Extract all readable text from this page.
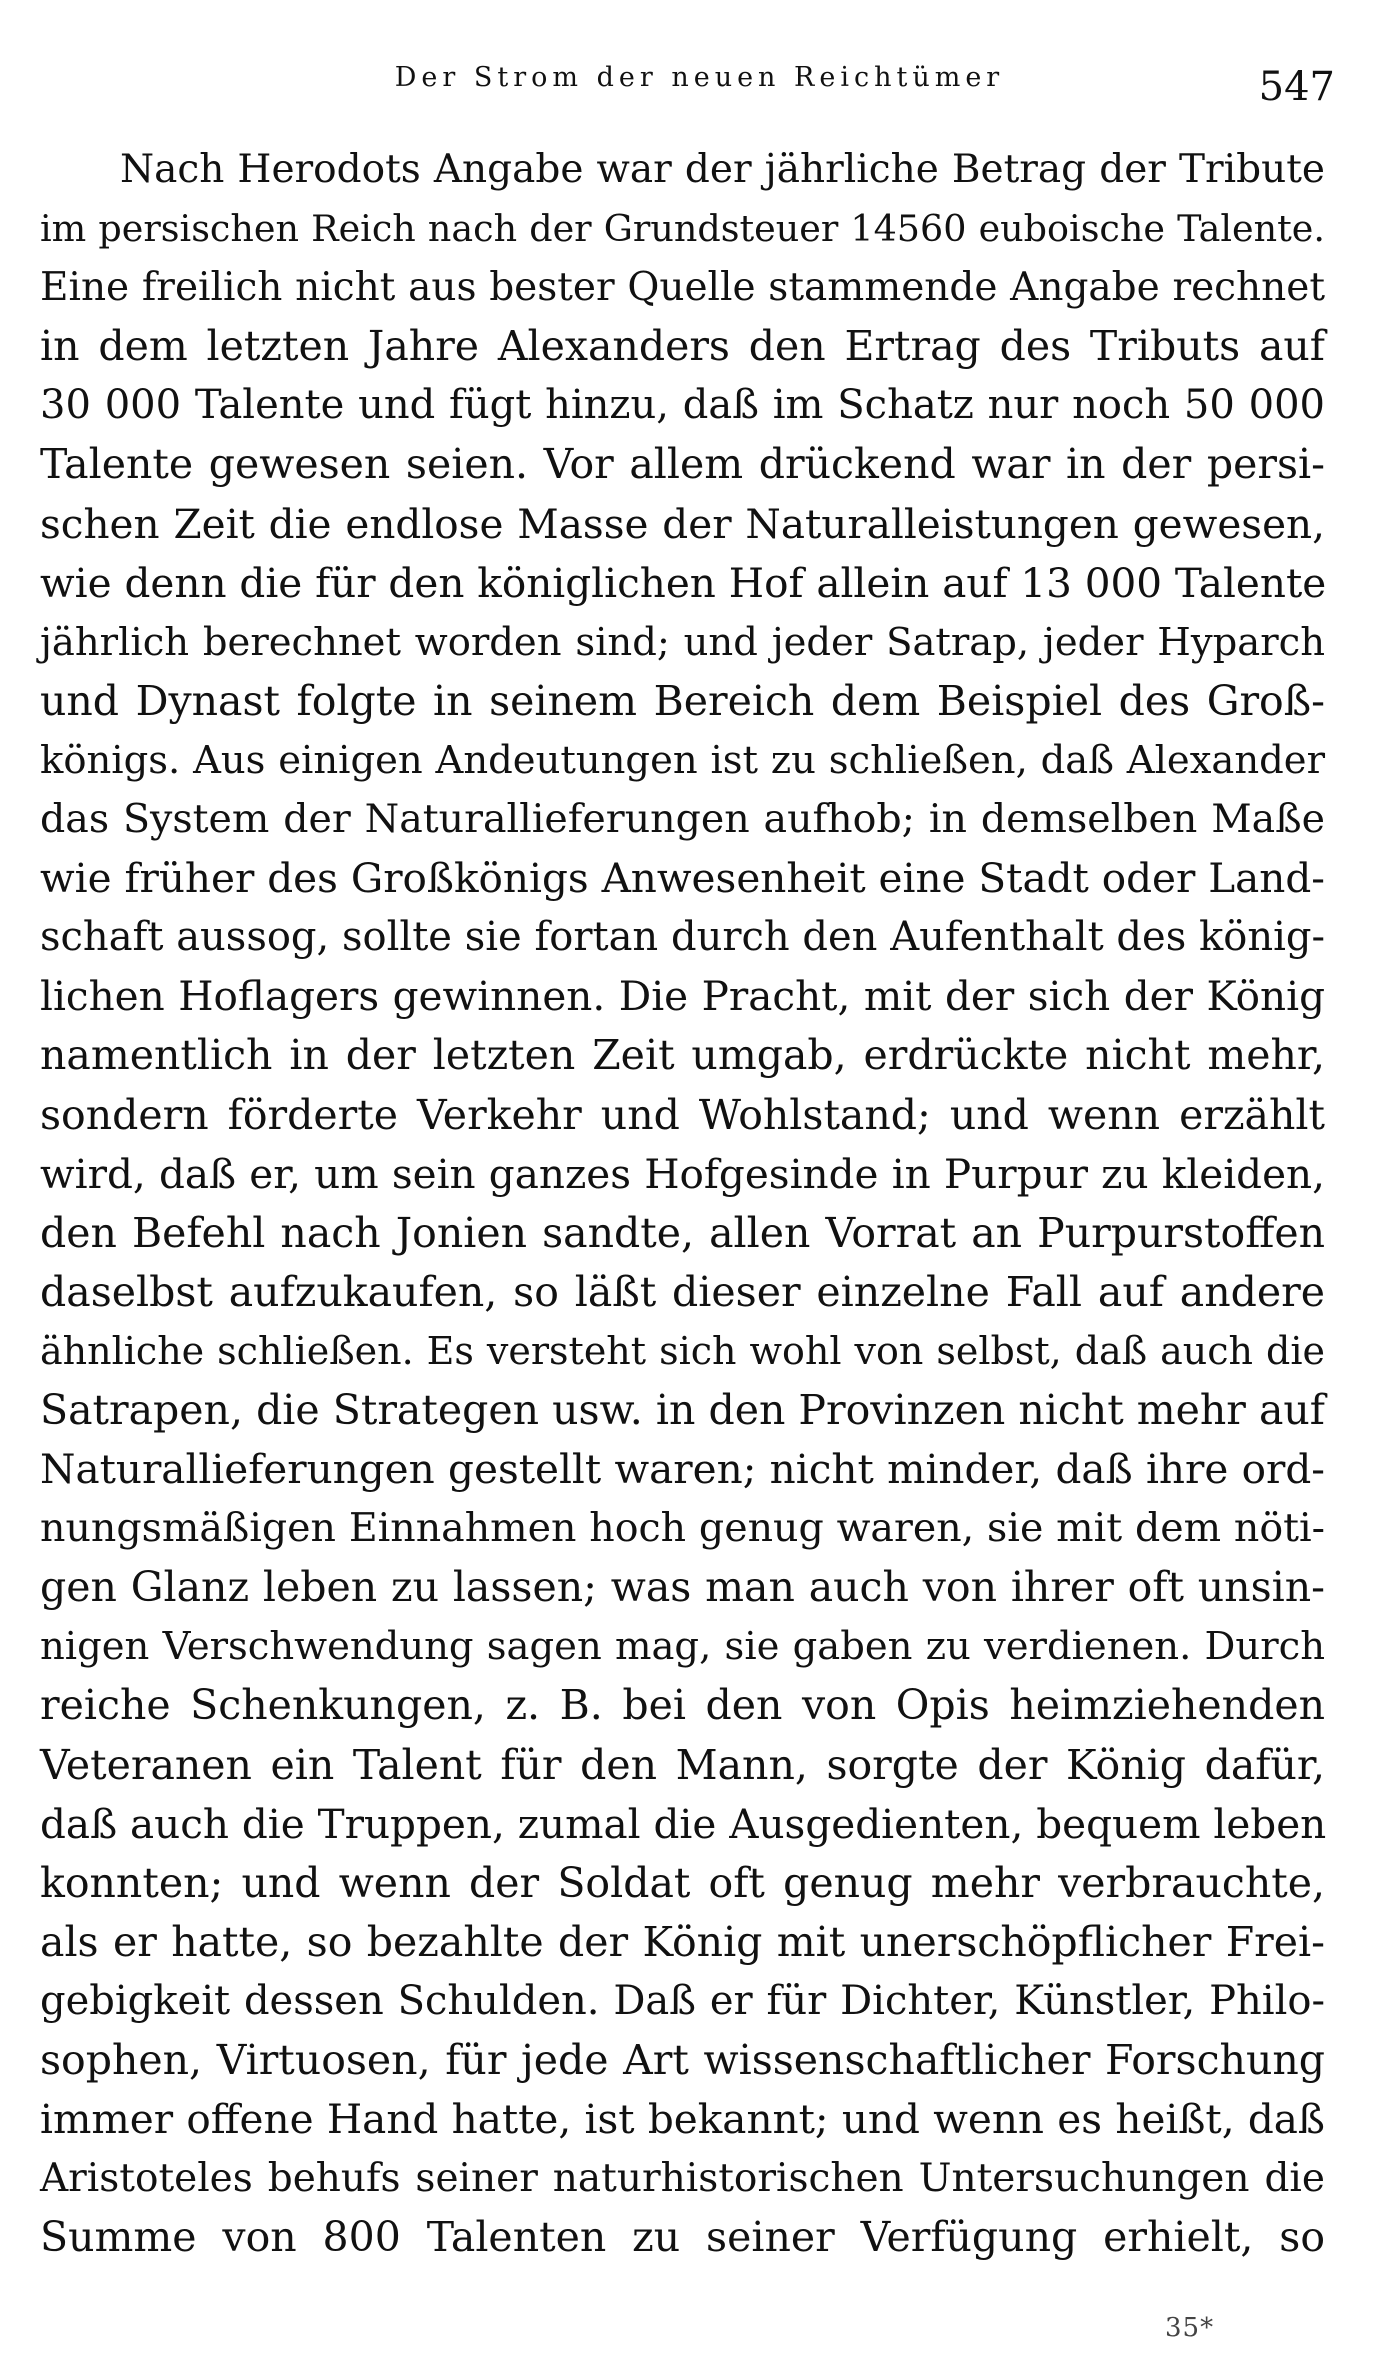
Der Strom der neuen Reichtümer	547
Nach Herodots Angabe war der jährliche Betrag der Tribute
im persischen Reich nach der Grundsteuer 14560 euboische Talente.
Eine freilich nicht aus bester Quelle stammende Angabe rechnet
in dem letzten Jahre Alexanders den Ertrag des Tributs auf
30 000 Talente und fügt hinzu, daß im Schatz nur noch 50 000
Talente gewesen seien. Vor allem drückend war in der persi-
schen Zeit die endlose Masse der Naturalleistungen gewesen,
wie denn die für den königlichen Hof allein auf 13 000 Talente
jährlich berechnet worden sind; und jeder Satrap, jeder Hyparch
und Dynast folgte in seinem Bereich dem Beispiel des Groß-
königs. Aus einigen Andeutungen ist zu schließen, daß Alexander
das System der Naturallieferungen aufhob; in demselben Maße
wie früher des Großkönigs Anwesenheit eine Stadt oder Land-
schaft aussog, sollte sie fortan durch den Aufenthalt des könig-
lichen Hoflagers gewinnen. Die Pracht, mit der sich der König
namentlich in der letzten Zeit umgab, erdrückte nicht mehr,
sondern förderte Verkehr und Wohlstand; und wenn erzählt
wird, daß er, um sein ganzes Hofgesinde in Purpur zu kleiden,
den Befehl nach Jonien sandte, allen Vorrat an Purpurstoffen
daselbst aufzukaufen, so läßt dieser einzelne Fall auf andere
ähnliche schließen. Es versteht sich wohl von selbst, daß auch die
Satrapen, die Strategen usw. in den Provinzen nicht mehr auf
Naturallieferungen gestellt waren; nicht minder, daß ihre ord-
nungsmäßigen Einnahmen hoch genug waren, sie mit dem nöti-
gen Glanz leben zu lassen; was man auch von ihrer oft unsin-
nigen Verschwendung sagen mag, sie gaben zu verdienen. Durch
reiche Schenkungen, z. B. bei den von Opis heimziehenden
Veteranen ein Talent für den Mann, sorgte der König dafür,
daß auch die Truppen, zumal die Ausgedienten, bequem leben
konnten; und wenn der Soldat oft genug mehr verbrauchte,
als er hatte, so bezahlte der König mit unerschöpflicher Frei-
gebigkeit dessen Schulden. Daß er für Dichter, Künstler, Philo-
sophen, Virtuosen, für jede Art wissenschaftlicher Forschung
immer offene Hand hatte, ist bekannt; und wenn es heißt, daß
Aristoteles behufs seiner naturhistorischen Untersuchungen die
Summe von 800 Talenten zu seiner Verfügung erhielt, so
35*
